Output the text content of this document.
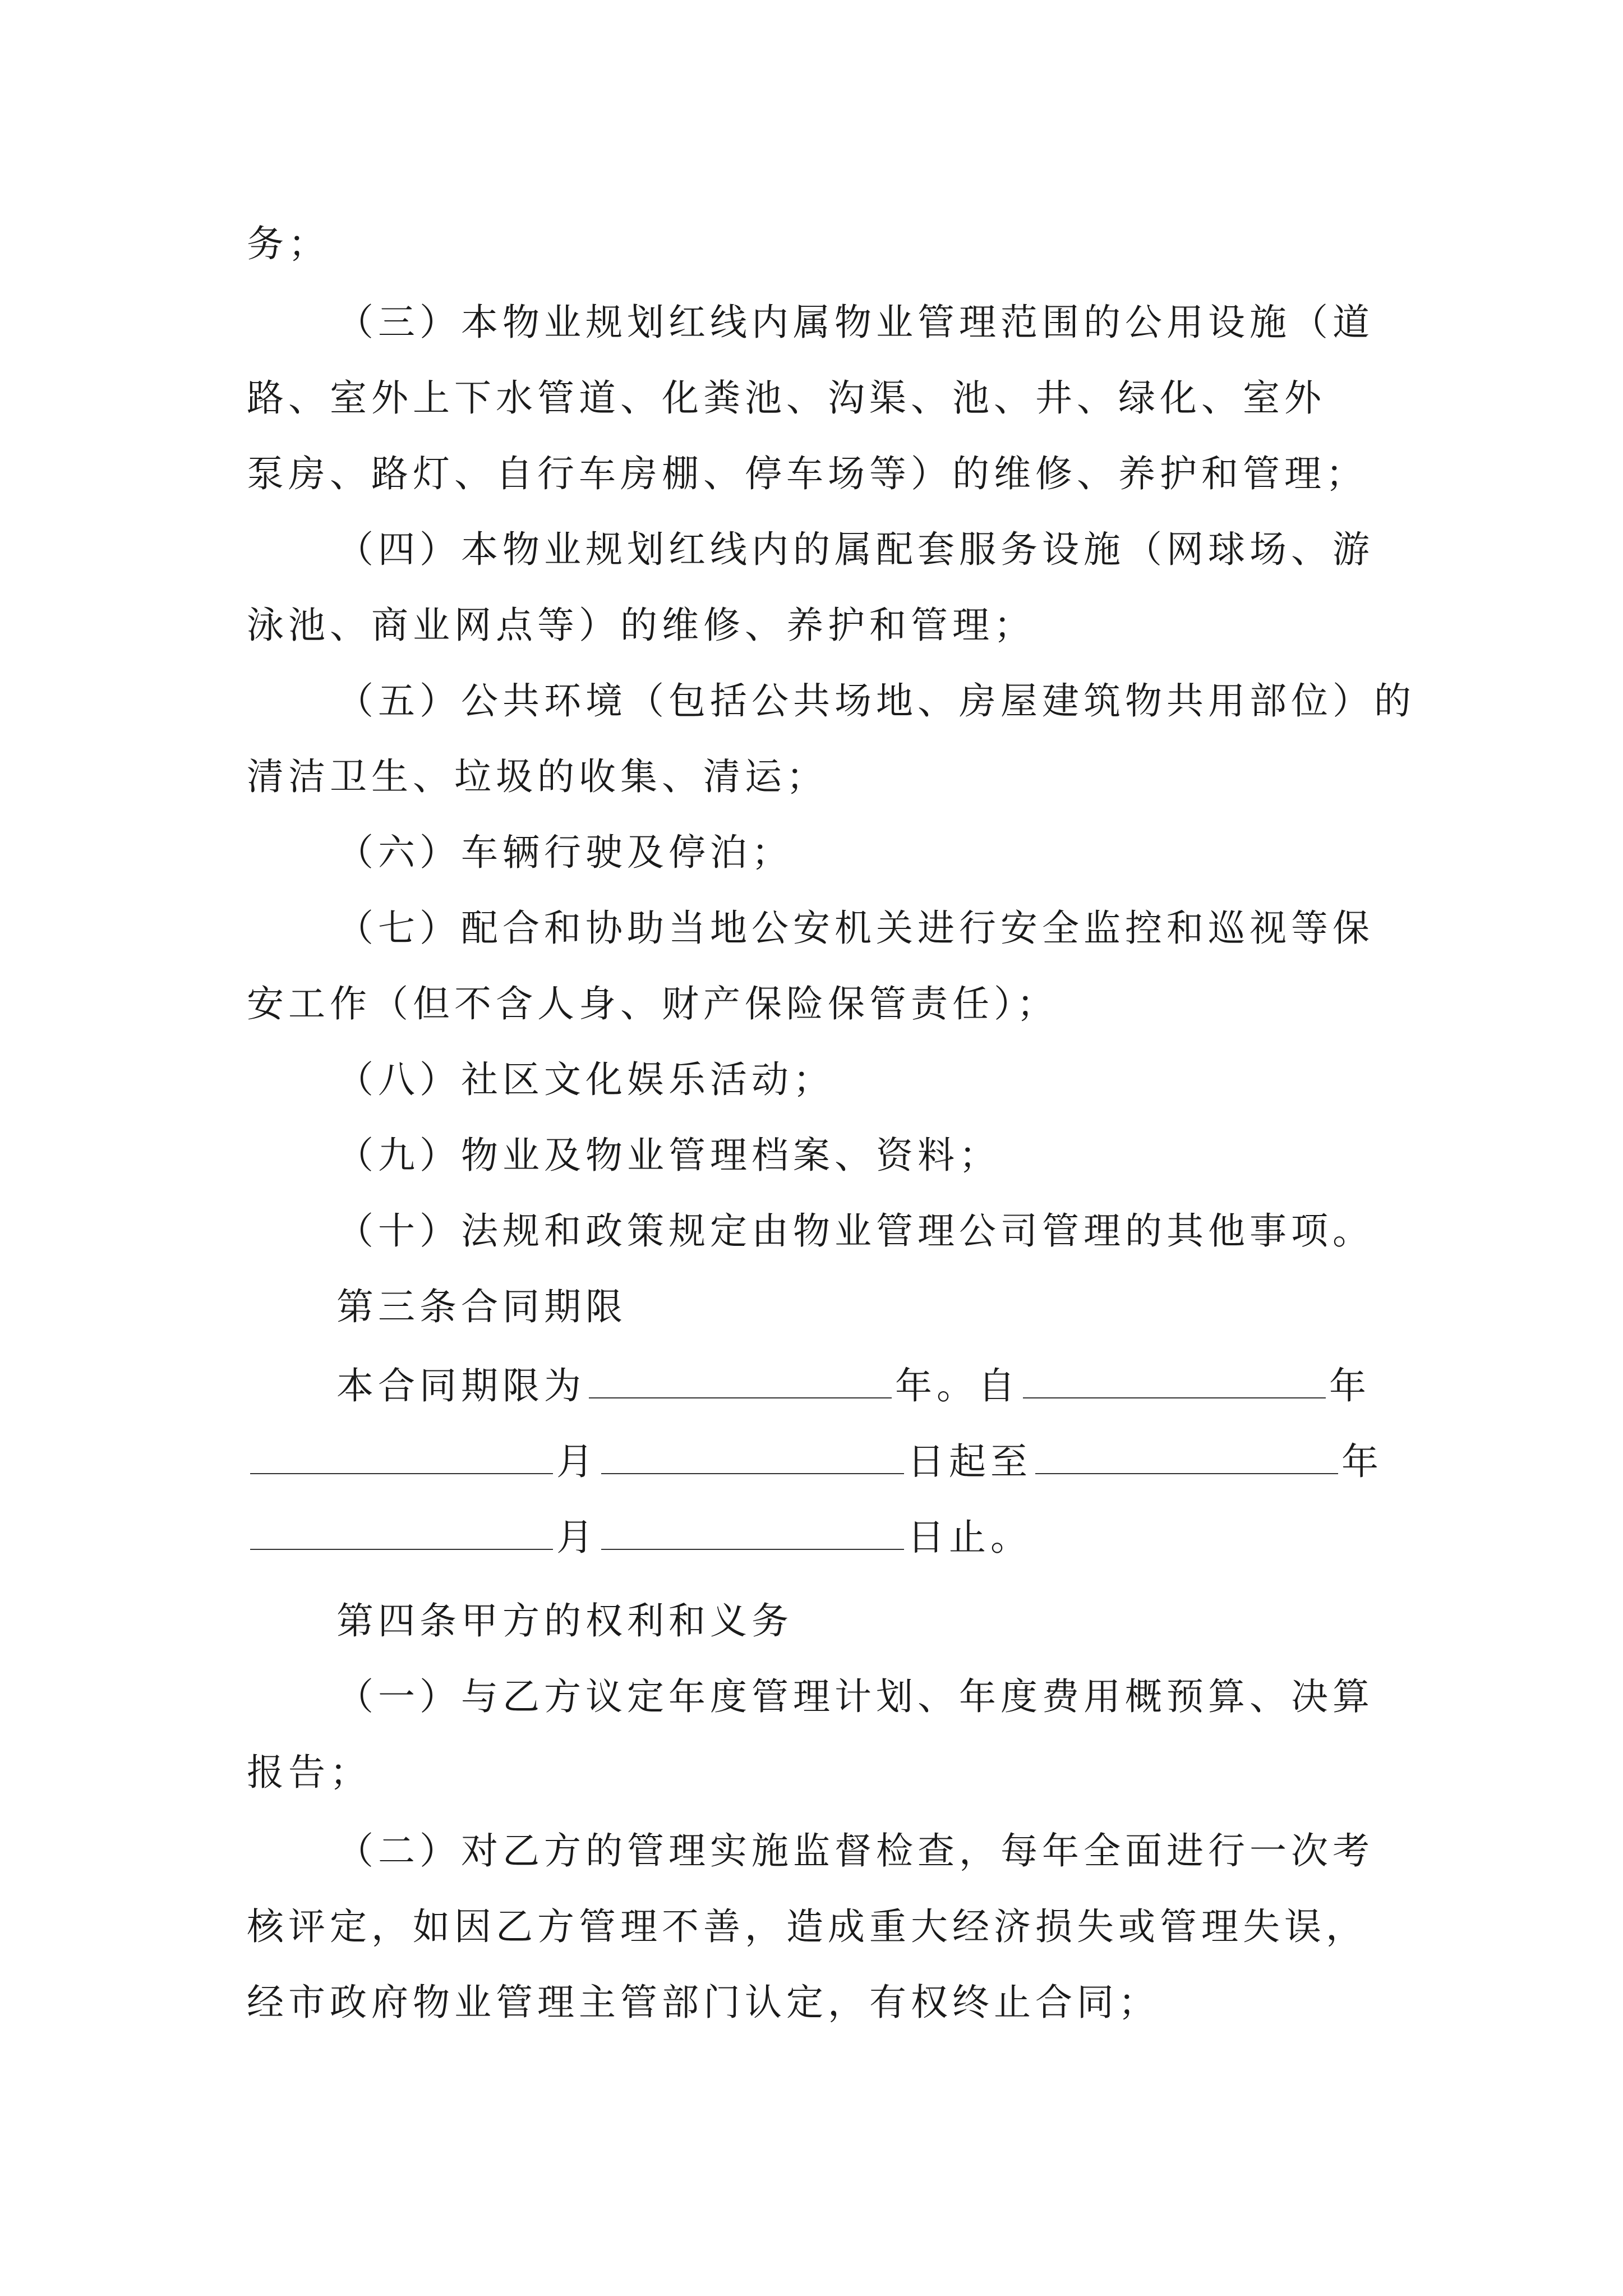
务；
（三）本物业规划红线内属物业管理范围的公用设施（道
路、室外上下水管道、化粪池、沟渠、池、井、绿化、室外
泵房、路灯、自行车房棚、停车场等）的维修、养护和管理；
（四）本物业规划红线内的属配套服务设施（网球场、游
泳池、商业网点等）的维修、养护和管理；
（五）公共环境（包括公共场地、房屋建筑物共用部位）的
清洁卫生、垃圾的收集、清运；
（六）车辆行驶及停泊；
（七）配合和协助当地公安机关进行安全监控和巡视等保
安工作（但不含人身、财产保险保管责任）；
（八）社区文化娱乐活动；
（九）物业及物业管理档案、资料；
（十）法规和政策规定由物业管理公司管理的其他事项。
第三条合同期限
本合同期限为	年。自	年
月	日起至	年
月	日止。
第四条甲方的权利和义务
（一）与乙方议定年度管理计划、年度费用概预算、决算
报告；
（二）对乙方的管理实施监督检查，每年全面进行一次考
核评定，如因乙方管理不善，造成重大经济损失或管理失误，
经市政府物业管理主管部门认定，有权终止合同；
